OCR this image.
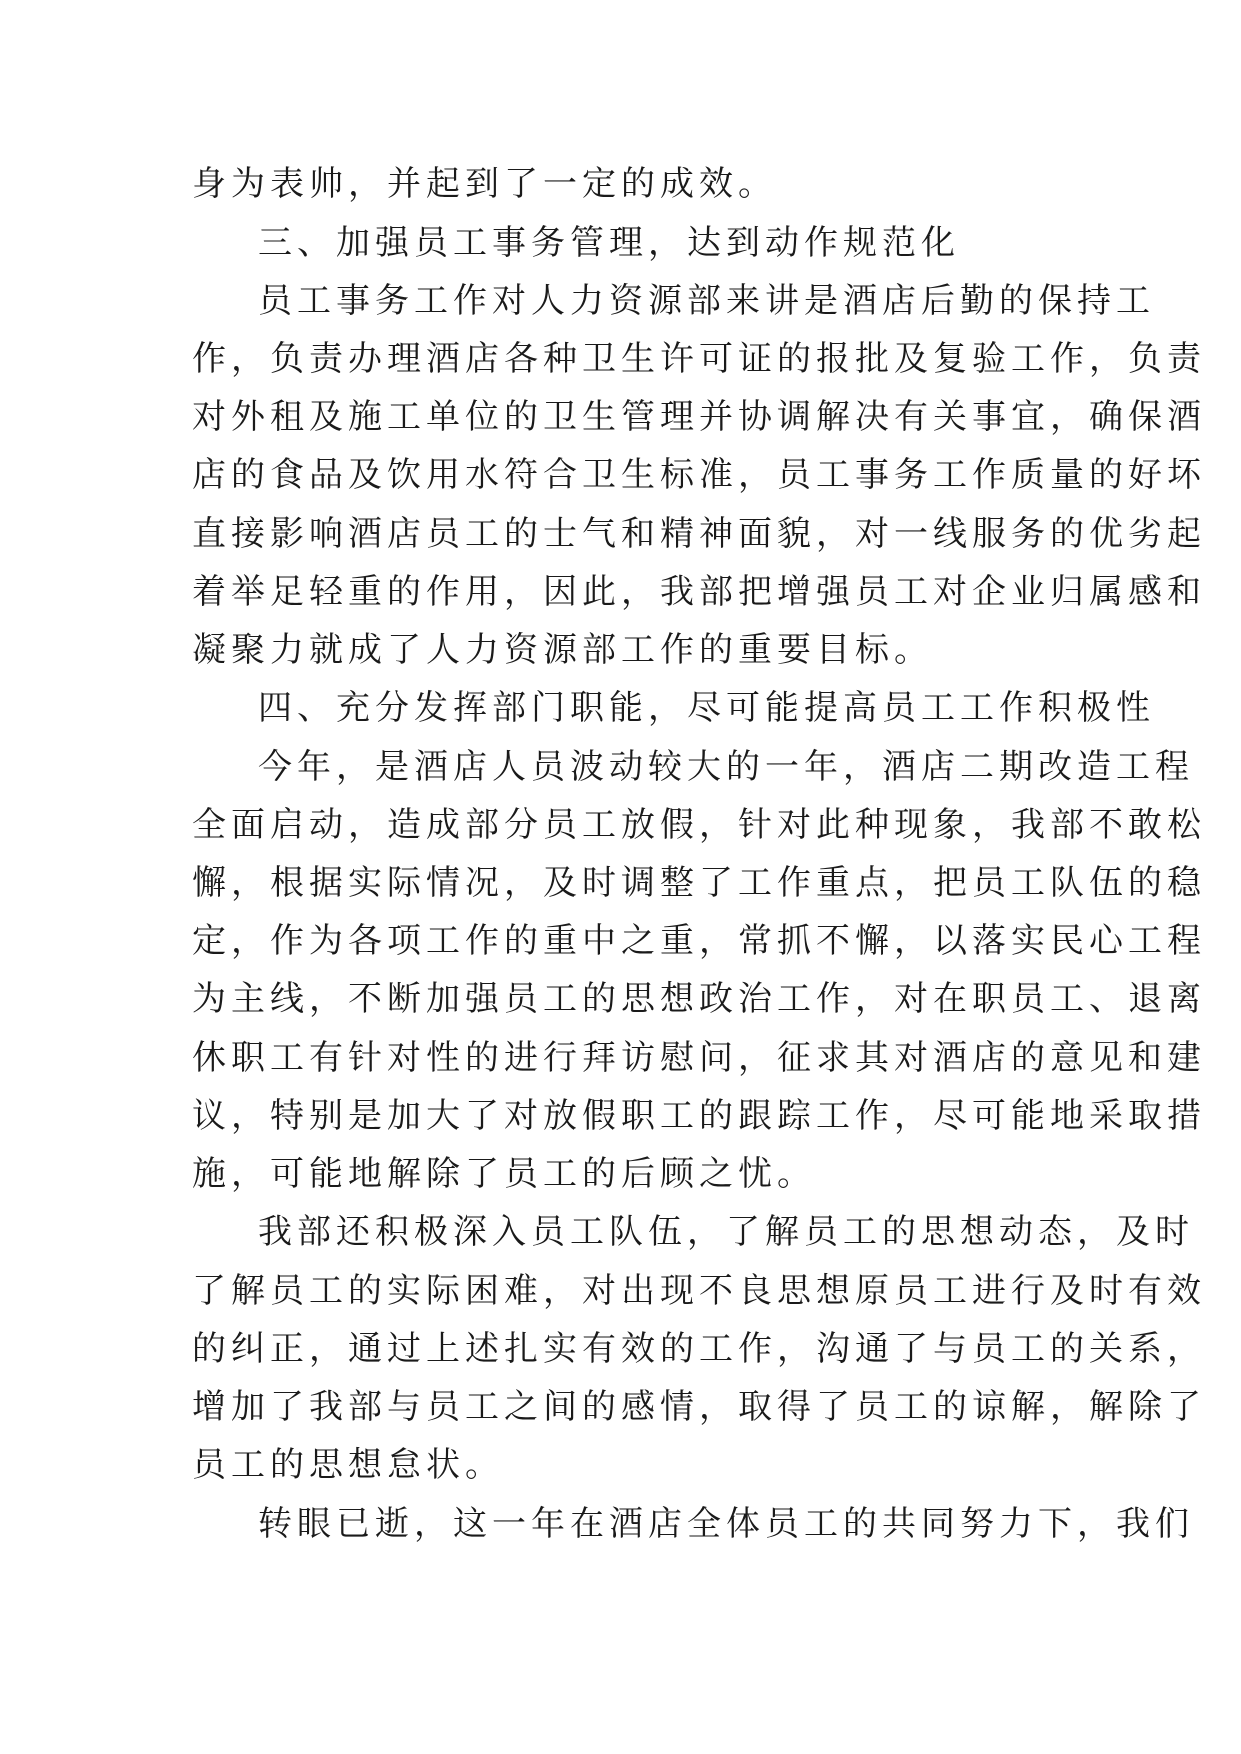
身为表帅，并起到了一定的成效。
三、加强员工事务管理，达到动作规范化
员工事务工作对人力资源部来讲是酒店后勤的保持工
作，负责办理酒店各种卫生许可证的报批及复验工作，负责
对外租及施工单位的卫生管理并协调解决有关事宜，确保酒
店的食品及饮用水符合卫生标准，员工事务工作质量的好坏
直接影响酒店员工的士气和精神面貌，对一线服务的优劣起
着举足轻重的作用，因此，我部把增强员工对企业归属感和
凝聚力就成了人力资源部工作的重要目标。
四、充分发挥部门职能，尽可能提高员工工作积极性
今年，是酒店人员波动较大的一年，酒店二期改造工程
全面启动，造成部分员工放假，针对此种现象，我部不敢松
懈，根据实际情况，及时调整了工作重点，把员工队伍的稳
定，作为各项工作的重中之重，常抓不懈，以落实民心工程
为主线，不断加强员工的思想政治工作，对在职员工、退离
休职工有针对性的进行拜访慰问，征求其对酒店的意见和建
议，特别是加大了对放假职工的跟踪工作，尽可能地采取措
施，可能地解除了员工的后顾之忧。
我部还积极深入员工队伍，了解员工的思想动态，及时
了解员工的实际困难，对出现不良思想原员工进行及时有效
的纠正，通过上述扎实有效的工作，沟通了与员工的关系，
增加了我部与员工之间的感情，取得了员工的谅解，解除了
员工的思想怠状。
转眼已逝，这一年在酒店全体员工的共同努力下，我们
